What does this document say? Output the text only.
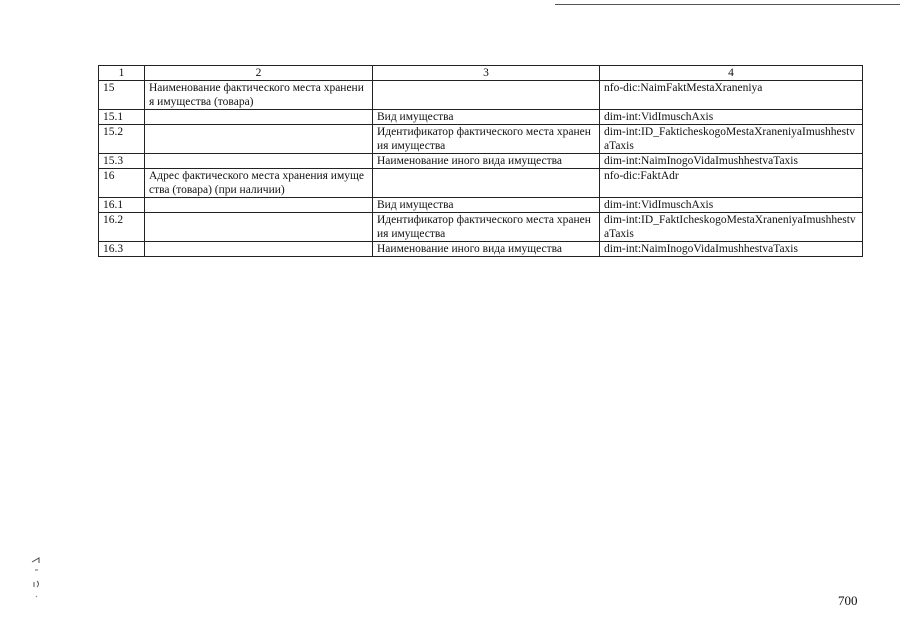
1	2	3	4
15	Наименование фактического места хранения имущества (товара)		nfo-dic:NaimFaktMestaXraneniya
15.1		Вид имущества	dim-int:VidImuschAxis
15.2		Идентификатор фактического места хранения имущества	dim-int:ID_FakticheskogoMestaXraneniyaImushhestvaTaxis
15.3		Наименование иного вида имущества	dim-int:NaimInogoVidaImushhestvaTaxis
16	Адрес фактического места хранения имущества (товара) (при наличии)		nfo-dic:FaktAdr
16.1		Вид имущества	dim-int:VidImuschAxis
16.2		Идентификатор фактического места хранения имущества	dim-int:ID_FaktIcheskogoMestaXraneniyaImushhestvaTaxis
16.3		Наименование иного вида имущества	dim-int:NaimInogoVidaImushhestvaTaxis
700
